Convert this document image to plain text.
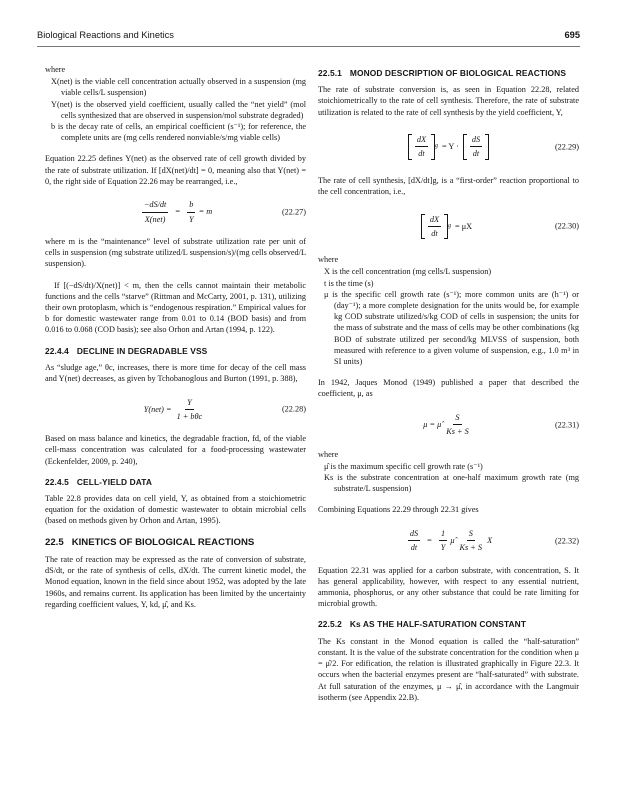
Biological Reactions and Kinetics	695

where

X(net) is the viable cell concentration actually observed in a suspension (mg viable cells/L suspension)

Y(net) is the observed yield coefficient, usually called the “net yield” (mol cells synthesized that are observed in suspension/mol substrate degraded)

b is the decay rate of cells, an empirical coefficient (s⁻¹); for reference, the complete units are (mg cells rendered nonviable/s/mg viable cells)

Equation 22.25 defines Y(net) as the observed rate of cell growth divided by the rate of substrate utilization. If [dX(net)/dt] = 0, meaning also that Y(net) = 0, the right side of Equation 22.26 may be rearranged, i.e.,

$\frac{-dS/dt}{\text{X(net)}} = \frac{b}{Y} = m$	(22.27)

where m is the “maintenance” level of substrate utilization rate per unit of cells in suspension (mg substrate utilized/L suspension/s)/(mg cells observed/L suspension).

If [(−dS/dt)/X(net)] < m, then the cells cannot maintain their metabolic functions and the cells “starve” (Rittman and McCarty, 2001, p. 131), utilizing their own protoplasm, which is “endogenous respiration.” Empirical values for b for domestic wastewater range from 0.01 to 0.14 (BOD basis) and from 0.016 to 0.068 (COD basis); see also Orhon and Artan (1994, p. 122).

22.4.4 DECLINE IN DEGRADABLE VSS

As “sludge age,” θc, increases, there is more time for decay of the cell mass and Y(net) decreases, as given by Tchobanoglous and Burton (1991, p. 388),

$Y(net) = \frac{Y}{\text{1 + bθc}}$	(22.28)

Based on mass balance and kinetics, the degradable fraction, fd, of the viable cell-mass concentration was calculated for a food-processing wastewater (Eckenfelder, 2009, p. 240),

22.4.5 CELL-YIELD DATA

Table 22.8 provides data on cell yield, Y, as obtained from a stoichiometric equation for the oxidation of domestic wastewater to obtain microbial cells (based on methods given by Orhon and Artan, 1995).

22.5 KINETICS OF BIOLOGICAL REACTIONS

The rate of reaction may be expressed as the rate of conversion of substrate, dS/dt, or the rate of synthesis of cells, dX/dt. The current kinetic model, the Monod equation, known in the field since about 1952, was adopted by the late 1960s, and remains current. Its application has been limited by the uncertainty regarding coefficient values, Y, kd, μ̂, and Ks.

22.5.1 MONOD DESCRIPTION OF BIOLOGICAL REACTIONS

The rate of substrate conversion is, as seen in Equation 22.28, related stoichiometrically to the rate of cell synthesis. Therefore, the rate of substrate utilization is related to the rate of cell synthesis by the yield coefficient, Y,

$\frac{dX}{dt}$ $g = Y \cdot \frac{dS}{dt}$	(22.29)

The rate of cell synthesis, [dX/dt]g, is a “first-order” reaction proportional to the cell concentration, i.e.,

$\frac{dX}{dt}$ g = μX	(22.30)

where

X is the cell concentration (mg cells/L suspension)

t is the time (s)

μ is the specific cell growth rate (s⁻¹); more common units are (h⁻¹) or (day⁻¹); a more complete designation for the units would be, for example kg COD substrate utilized/s/kg COD of cells in suspension; the units for the mass of substrate and the mass of cells may be other combinations (kg BOD of substrate utilized per second/kg MLVSS of suspension, both measured with reference to a given volume of suspension, e.g., 1.0 m³ in SI units)

In 1942, Jaques Monod (1949) published a paper that described the coefficient, μ, as

μ = μ̂ $\frac{S}{Ks + S}$	(22.31)

where

μ̂ is the maximum specific cell growth rate (s⁻¹)

Ks is the substrate concentration at one-half maximum growth rate (mg substrate/L suspension)

Combining Equations 22.29 through 22.31 gives

$\frac{dS}{dt} = \frac{1}{Y}$ μ̂ $\frac{S}{Ks + S}$ X	(22.32)

Equation 22.31 was applied for a carbon substrate, with concentration, S. It has general applicability, however, with respect to any essential nutrient, ammonia, phosphorus, or any other substance that could be rate limiting for microbial growth.

22.5.2 Ks AS THE HALF-SATURATION CONSTANT

The Ks constant in the Monod equation is called the “half-saturation” constant. It is the value of the substrate concentration for the condition when μ = μ̂/2. For edification, the relation is illustrated graphically in Figure 22.3. It occurs when the bacterial enzymes present are “half-saturated” with substrate. At full saturation of the enzymes, μ → μ̂, in accordance with the Langmuir isotherm (see Appendix 22.B).
